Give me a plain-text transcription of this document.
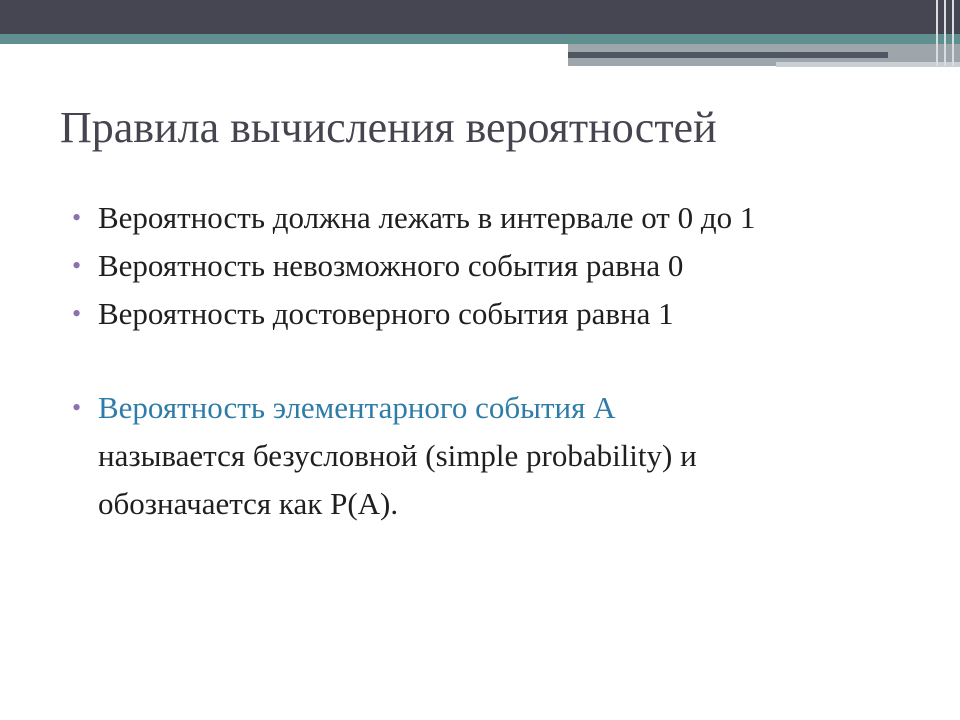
Правила вычисления вероятностей
• Вероятность должна лежать в интервале от 0 до 1
• Вероятность невозможного события равна 0
• Вероятность достоверного события равна 1
• Вероятность элементарного события A
называется безусловной (simple probability) и
обозначается как P(A).
